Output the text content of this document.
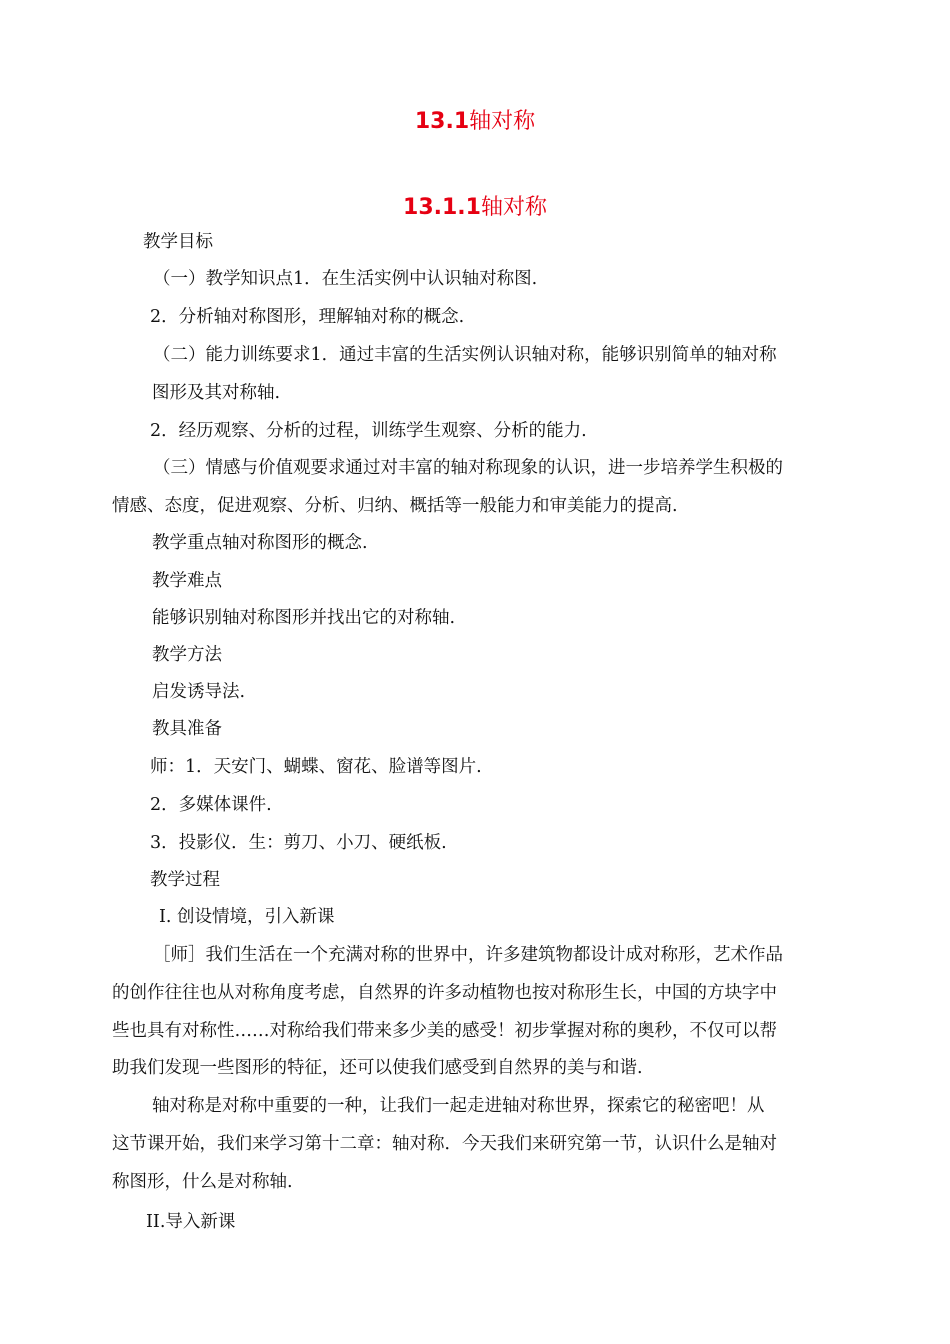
13.1轴对称
13.1.1轴对称
教学目标
（一）教学知识点1．在生活实例中认识轴对称图.
2．分析轴对称图形，理解轴对称的概念.
（二）能力训练要求1．通过丰富的生活实例认识轴对称，能够识别简单的轴对称
图形及其对称轴.
2．经历观察、分析的过程，训练学生观察、分析的能力.
（三）情感与价值观要求通过对丰富的轴对称现象的认识，进一步培养学生积极的
情感、态度，促进观察、分析、归纳、概括等一般能力和审美能力的提高.
教学重点轴对称图形的概念.
教学难点
能够识别轴对称图形并找出它的对称轴.
教学方法
启发诱导法.
教具准备
师：1．天安门、蝴蝶、窗花、脸谱等图片.
2．多媒体课件.
3．投影仪．生：剪刀、小刀、硬纸板.
教学过程
I. 创设情境，引入新课
［师］我们生活在一个充满对称的世界中，许多建筑物都设计成对称形，艺术作品
的创作往往也从对称角度考虑，自然界的许多动植物也按对称形生长，中国的方块字中
些也具有对称性……对称给我们带来多少美的感受！初步掌握对称的奥秒，不仅可以帮
助我们发现一些图形的特征，还可以使我们感受到自然界的美与和谐.
轴对称是对称中重要的一种，让我们一起走进轴对称世界，探索它的秘密吧！从
这节课开始，我们来学习第十二章：轴对称．今天我们来研究第一节，认识什么是轴对
称图形，什么是对称轴.
II.导入新课
